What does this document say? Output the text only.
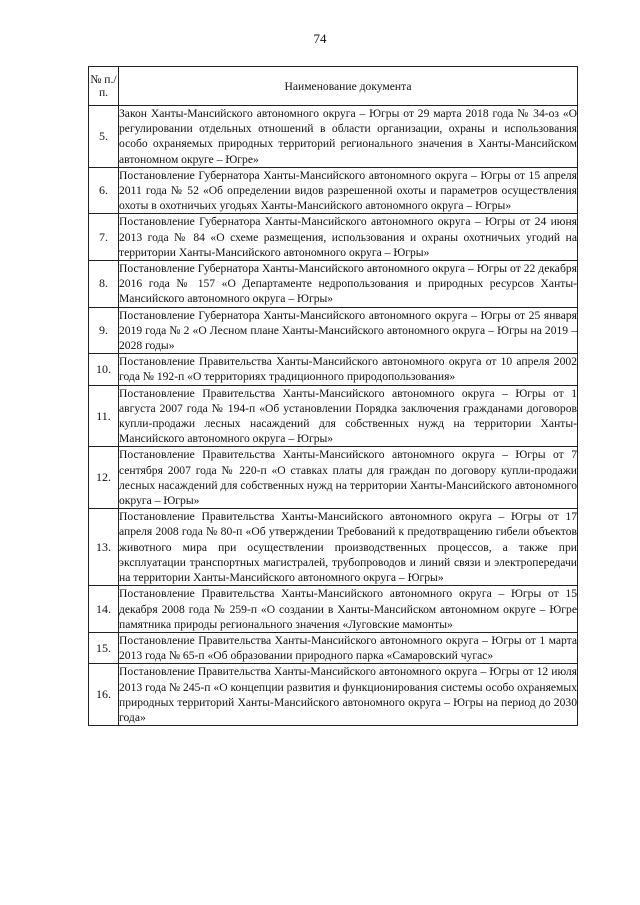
74
№ п./п.	Наименование документа
5.	Закон Ханты-Мансийского автономного округа – Югры от 29 марта 2018 года № 34-оз «О регулировании отдельных отношений в области организации, охраны и использования особо охраняемых природных территорий регионального значения в Ханты-Мансийском автономном округе – Югре»
6.	Постановление Губернатора Ханты-Мансийского автономного округа – Югры от 15 апреля 2011 года № 52 «Об определении видов разрешенной охоты и параметров осуществления охоты в охотничьих угодьях Ханты-Мансийского автономного округа – Югры»
7.	Постановление Губернатора Ханты-Мансийского автономного округа – Югры от 24 июня 2013 года № 84 «О схеме размещения, использования и охраны охотничьих угодий на территории Ханты-Мансийского автономного округа – Югры»
8.	Постановление Губернатора Ханты-Мансийского автономного округа – Югры от 22 декабря 2016 года № 157 «О Департаменте недропользования и природных ресурсов Ханты-Мансийского автономного округа – Югры»
9.	Постановление Губернатора Ханты-Мансийского автономного округа – Югры от 25 января 2019 года № 2 «О Лесном плане Ханты-Мансийского автономного округа – Югры на 2019 – 2028 годы»
10.	Постановление Правительства Ханты-Мансийского автономного округа от 10 апреля 2002 года № 192-п «О территориях традиционного природопользования»
11.	Постановление Правительства Ханты-Мансийского автономного округа – Югры от 1 августа 2007 года № 194-п «Об установлении Порядка заключения гражданами договоров купли-продажи лесных насаждений для собственных нужд на территории Ханты-Мансийского автономного округа – Югры»
12.	Постановление Правительства Ханты-Мансийского автономного округа – Югры от 7 сентября 2007 года № 220-п «О ставках платы для граждан по договору купли-продажи лесных насаждений для собственных нужд на территории Ханты-Мансийского автономного округа – Югры»
13.	Постановление Правительства Ханты-Мансийского автономного округа – Югры от 17 апреля 2008 года № 80-п «Об утверждении Требований к предотвращению гибели объектов животного мира при осуществлении производственных процессов, а также при эксплуатации транспортных магистралей, трубопроводов и линий связи и электропередачи на территории Ханты-Мансийского автономного округа – Югры»
14.	Постановление Правительства Ханты-Мансийского автономного округа – Югры от 15 декабря 2008 года № 259-п «О создании в Ханты-Мансийском автономном округе – Югре памятника природы регионального значения «Луговские мамонты»
15.	Постановление Правительства Ханты-Мансийского автономного округа – Югры от 1 марта 2013 года № 65-п «Об образовании природного парка «Самаровский чугас»
16.	Постановление Правительства Ханты-Мансийского автономного округа – Югры от 12 июля 2013 года № 245-п «О концепции развития и функционирования системы особо охраняемых природных территорий Ханты-Мансийского автономного округа – Югры на период до 2030 года»
